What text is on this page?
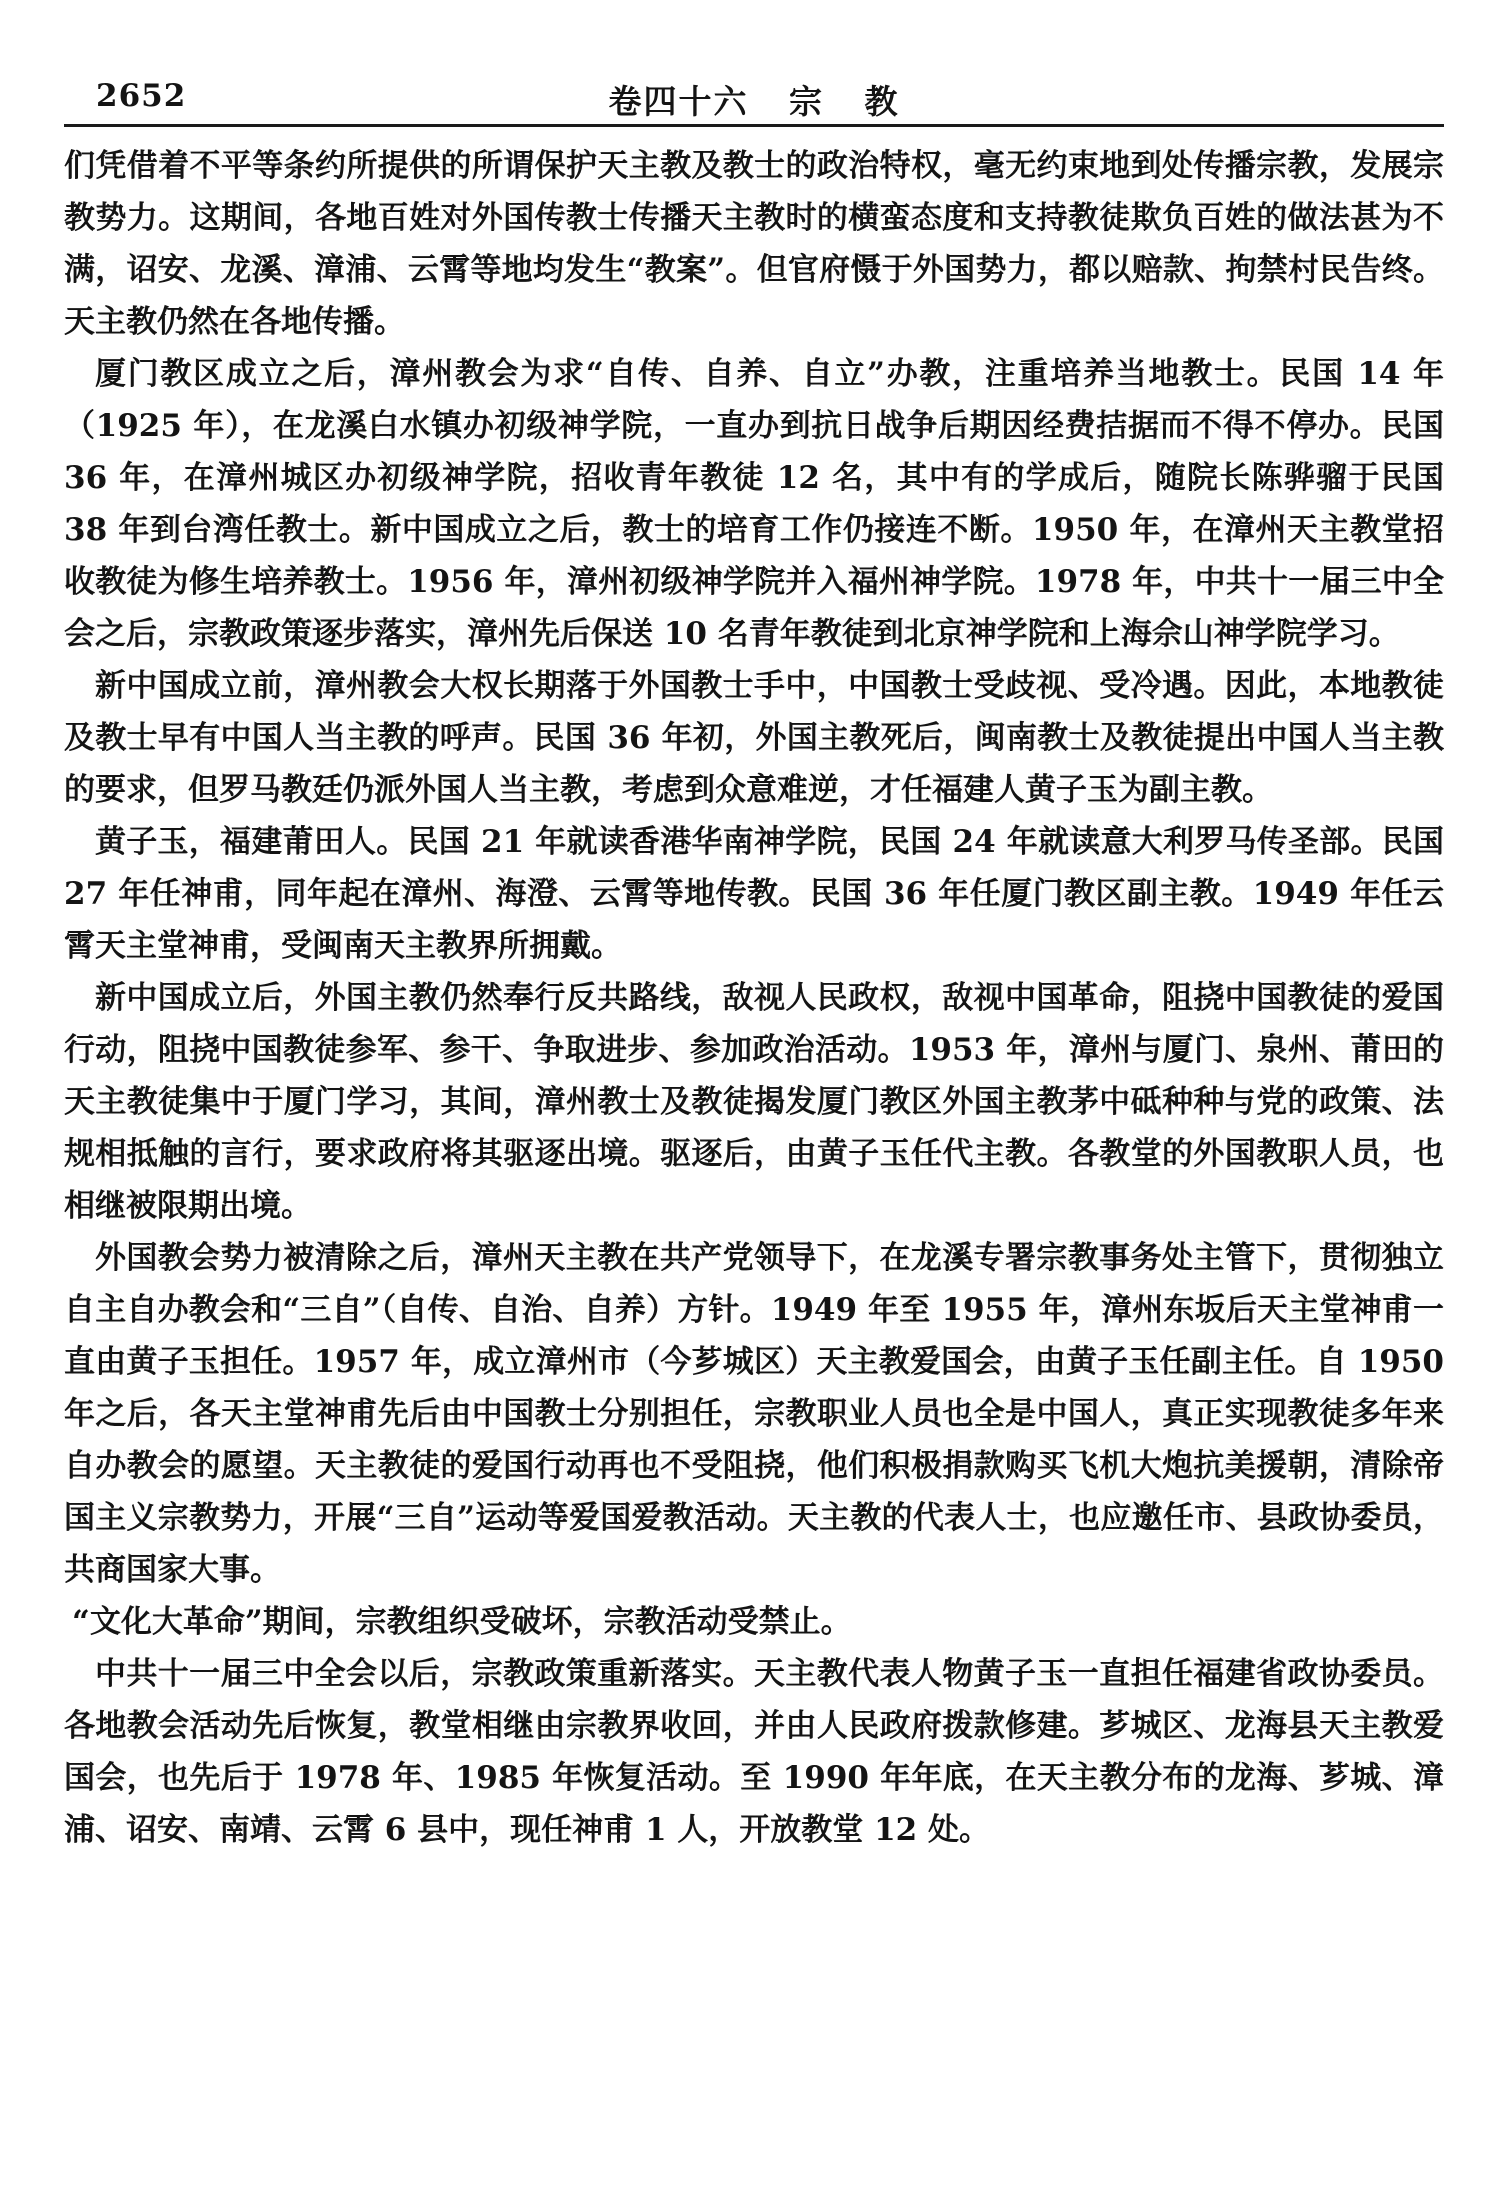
2652	卷四十六   宗   教

们凭借着不平等条约所提供的所谓保护天主教及教士的政治特权，毫无约束地到处传播宗教，发展宗教势力。这期间，各地百姓对外国传教士传播天主教时的横蛮态度和支持教徒欺负百姓的做法甚为不满，诏安、龙溪、漳浦、云霄等地均发生“教案”。但官府慑于外国势力，都以赔款、拘禁村民告终。天主教仍然在各地传播。

厦门教区成立之后，漳州教会为求“自传、自养、自立”办教，注重培养当地教士。民国 14 年（1925 年），在龙溪白水镇办初级神学院，一直办到抗日战争后期因经费拮据而不得不停办。民国 36 年，在漳州城区办初级神学院，招收青年教徒 12 名，其中有的学成后，随院长陈骅骝于民国 38 年到台湾任教士。新中国成立之后，教士的培育工作仍接连不断。1950 年，在漳州天主教堂招收教徒为修生培养教士。1956 年，漳州初级神学院并入福州神学院。1978 年，中共十一届三中全会之后，宗教政策逐步落实，漳州先后保送 10 名青年教徒到北京神学院和上海佘山神学院学习。

新中国成立前，漳州教会大权长期落于外国教士手中，中国教士受歧视、受冷遇。因此，本地教徒及教士早有中国人当主教的呼声。民国 36 年初，外国主教死后，闽南教士及教徒提出中国人当主教的要求，但罗马教廷仍派外国人当主教，考虑到众意难逆，才任福建人黄子玉为副主教。

黄子玉，福建莆田人。民国 21 年就读香港华南神学院，民国 24 年就读意大利罗马传圣部。民国 27 年任神甫，同年起在漳州、海澄、云霄等地传教。民国 36 年任厦门教区副主教。1949 年任云霄天主堂神甫，受闽南天主教界所拥戴。

新中国成立后，外国主教仍然奉行反共路线，敌视人民政权，敌视中国革命，阻挠中国教徒的爱国行动，阻挠中国教徒参军、参干、争取进步、参加政治活动。1953 年，漳州与厦门、泉州、莆田的天主教徒集中于厦门学习，其间，漳州教士及教徒揭发厦门教区外国主教茅中砥种种与党的政策、法规相抵触的言行，要求政府将其驱逐出境。驱逐后，由黄子玉任代主教。各教堂的外国教职人员，也相继被限期出境。

外国教会势力被清除之后，漳州天主教在共产党领导下，在龙溪专署宗教事务处主管下，贯彻独立自主自办教会和“三自”（自传、自治、自养）方针。1949 年至 1955 年，漳州东坂后天主堂神甫一直由黄子玉担任。1957 年，成立漳州市（今芗城区）天主教爱国会，由黄子玉任副主任。自 1950 年之后，各天主堂神甫先后由中国教士分别担任，宗教职业人员也全是中国人，真正实现教徒多年来自办教会的愿望。天主教徒的爱国行动再也不受阻挠，他们积极捐款购买飞机大炮抗美援朝，清除帝国主义宗教势力，开展“三自”运动等爱国爱教活动。天主教的代表人士，也应邀任市、县政协委员，共商国家大事。

“文化大革命”期间，宗教组织受破坏，宗教活动受禁止。

中共十一届三中全会以后，宗教政策重新落实。天主教代表人物黄子玉一直担任福建省政协委员。各地教会活动先后恢复，教堂相继由宗教界收回，并由人民政府拨款修建。芗城区、龙海县天主教爱国会，也先后于 1978 年、1985 年恢复活动。至 1990 年年底，在天主教分布的龙海、芗城、漳浦、诏安、南靖、云霄 6 县中，现任神甫 1 人，开放教堂 12 处。
